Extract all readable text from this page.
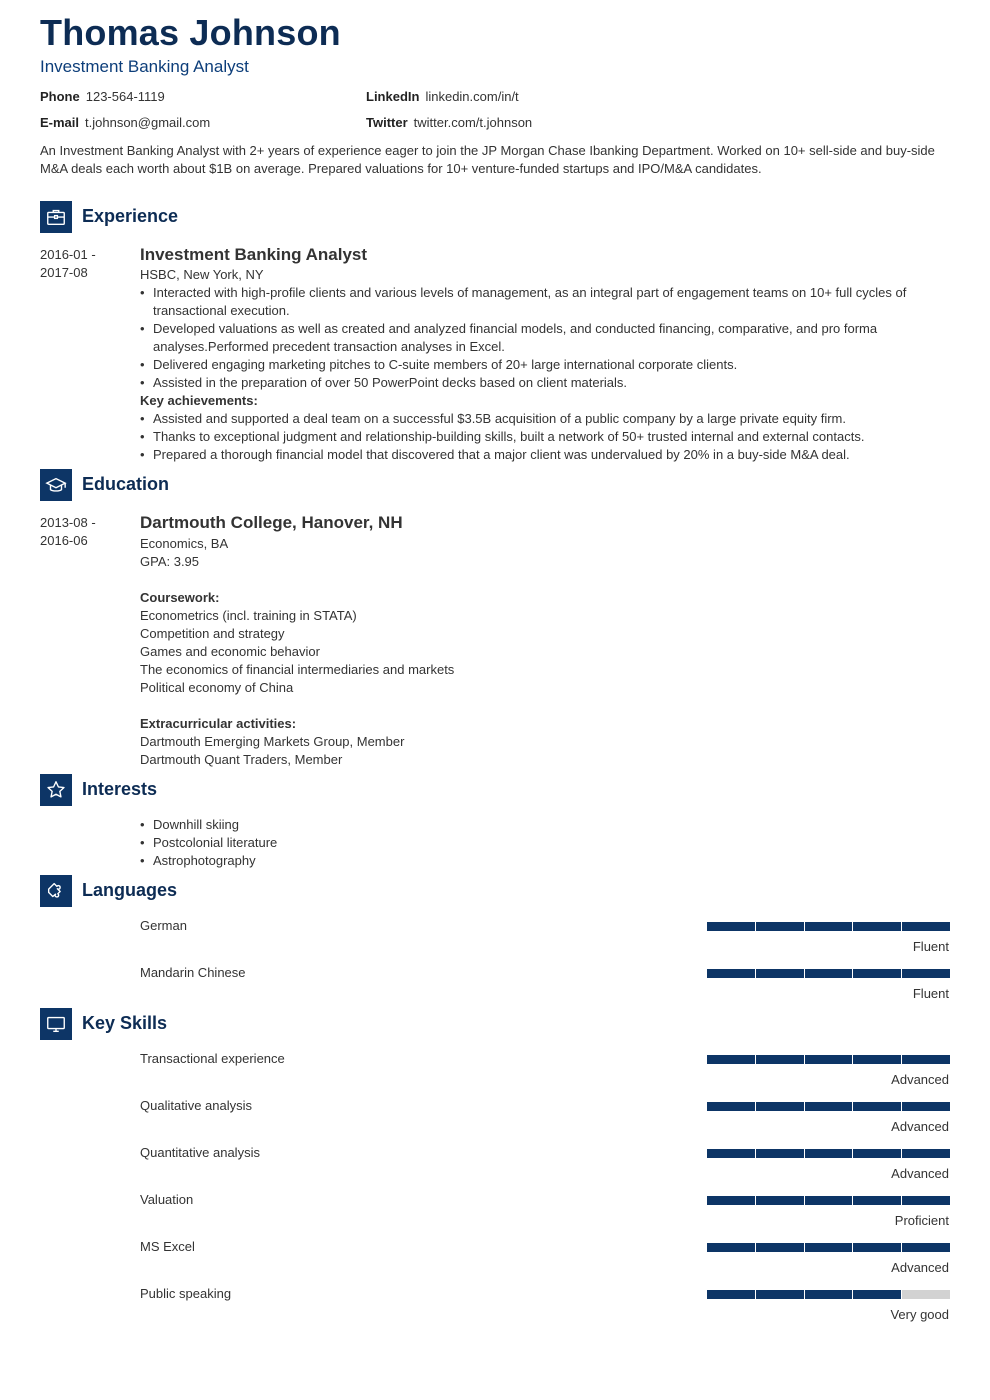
Thomas Johnson
Investment Banking Analyst
Phone 123-564-1119
E-mail t.johnson@gmail.com
LinkedIn linkedin.com/in/t
Twitter twitter.com/t.johnson
An Investment Banking Analyst with 2+ years of experience eager to join the JP Morgan Chase Ibanking Department. Worked on 10+ sell-side and buy-side M&A deals each worth about $1B on average. Prepared valuations for 10+ venture-funded startups and IPO/M&A candidates.
Experience
2016-01 -
2017-08
Investment Banking Analyst
HSBC, New York, NY
• Interacted with high-profile clients and various levels of management, as an integral part of engagement teams on 10+ full cycles of transactional execution.
• Developed valuations as well as created and analyzed financial models, and conducted financing, comparative, and pro forma analyses.Performed precedent transaction analyses in Excel.
• Delivered engaging marketing pitches to C-suite members of 20+ large international corporate clients.
• Assisted in the preparation of over 50 PowerPoint decks based on client materials.
Key achievements:
• Assisted and supported a deal team on a successful $3.5B acquisition of a public company by a large private equity firm.
• Thanks to exceptional judgment and relationship-building skills, built a network of 50+ trusted internal and external contacts.
• Prepared a thorough financial model that discovered that a major client was undervalued by 20% in a buy-side M&A deal.
Education
2013-08 -
2016-06
Dartmouth College, Hanover, NH
Economics, BA
GPA: 3.95
Coursework:
Econometrics (incl. training in STATA)
Competition and strategy
Games and economic behavior
The economics of financial intermediaries and markets
Political economy of China
Extracurricular activities:
Dartmouth Emerging Markets Group, Member
Dartmouth Quant Traders, Member
Interests
• Downhill skiing
• Postcolonial literature
• Astrophotography
Languages
German
Fluent
Mandarin Chinese
Fluent
Key Skills
Transactional experience
Advanced
Qualitative analysis
Advanced
Quantitative analysis
Advanced
Valuation
Proficient
MS Excel
Advanced
Public speaking
Very good
